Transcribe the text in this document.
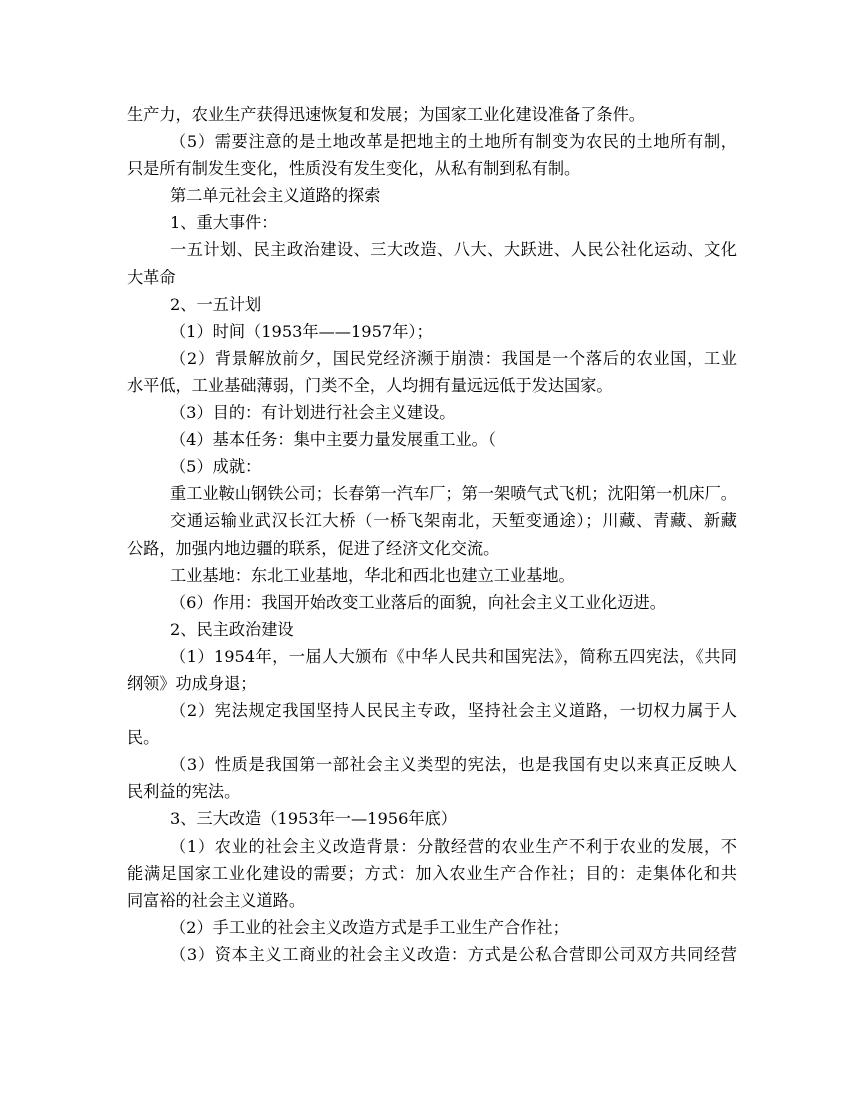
生产力，农业生产获得迅速恢复和发展；为国家工业化建设准备了条件。
（5）需要注意的是土地改革是把地主的土地所有制变为农民的土地所有制，
只是所有制发生变化，性质没有发生变化，从私有制到私有制。
第二单元社会主义道路的探索
1、重大事件：
一五计划、民主政治建设、三大改造、八大、大跃进、人民公社化运动、文化
大革命
2、一五计划
（1）时间（1953年——1957年）；
（2）背景解放前夕，国民党经济濒于崩溃：我国是一个落后的农业国，工业
水平低，工业基础薄弱，门类不全，人均拥有量远远低于发达国家。
（3）目的：有计划进行社会主义建设。
（4）基本任务：集中主要力量发展重工业。（
（5）成就：
重工业鞍山钢铁公司；长春第一汽车厂；第一架喷气式飞机；沈阳第一机床厂。
交通运输业武汉长江大桥（一桥飞架南北，天堑变通途）；川藏、青藏、新藏
公路，加强内地边疆的联系，促进了经济文化交流。
工业基地：东北工业基地，华北和西北也建立工业基地。
（6）作用：我国开始改变工业落后的面貌，向社会主义工业化迈进。
2、民主政治建设
（1）1954年，一届人大颁布《中华人民共和国宪法》，简称五四宪法，《共同
纲领》功成身退；
（2）宪法规定我国坚持人民民主专政，坚持社会主义道路，一切权力属于人
民。
（3）性质是我国第一部社会主义类型的宪法，也是我国有史以来真正反映人
民利益的宪法。
3、三大改造（1953年一—1956年底）
（1）农业的社会主义改造背景：分散经营的农业生产不利于农业的发展，不
能满足国家工业化建设的需要；方式：加入农业生产合作社；目的：走集体化和共
同富裕的社会主义道路。
（2）手工业的社会主义改造方式是手工业生产合作社；
（3）资本主义工商业的社会主义改造：方式是公私合营即公司双方共同经营
